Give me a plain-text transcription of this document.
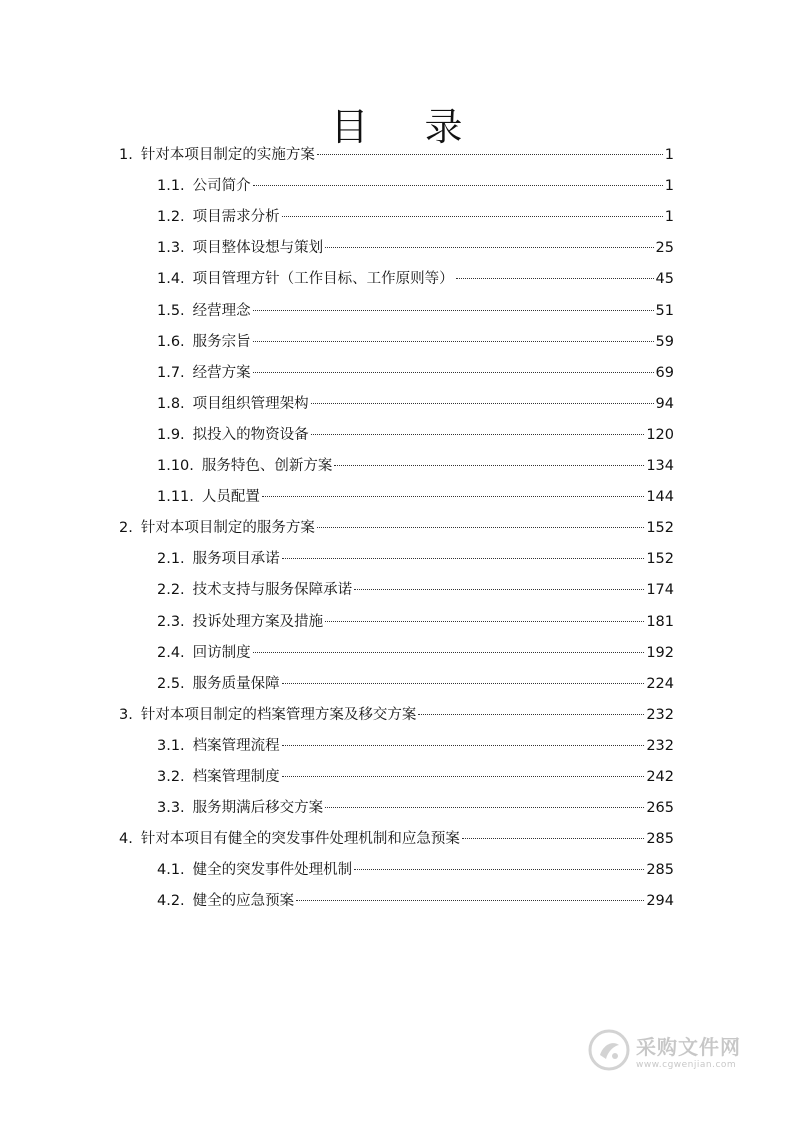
目 录
1. 针对本项目制定的实施方案	1
1.1. 公司简介	1
1.2. 项目需求分析	1
1.3. 项目整体设想与策划	25
1.4. 项目管理方针（工作目标、工作原则等）	45
1.5. 经营理念	51
1.6. 服务宗旨	59
1.7. 经营方案	69
1.8. 项目组织管理架构	94
1.9. 拟投入的物资设备	120
1.10. 服务特色、创新方案	134
1.11. 人员配置	144
2. 针对本项目制定的服务方案	152
2.1. 服务项目承诺	152
2.2. 技术支持与服务保障承诺	174
2.3. 投诉处理方案及措施	181
2.4. 回访制度	192
2.5. 服务质量保障	224
3. 针对本项目制定的档案管理方案及移交方案	232
3.1. 档案管理流程	232
3.2. 档案管理制度	242
3.3. 服务期满后移交方案	265
4. 针对本项目有健全的突发事件处理机制和应急预案	285
4.1. 健全的突发事件处理机制	285
4.2. 健全的应急预案	294
采购文件网
www.cgwenjian.com
